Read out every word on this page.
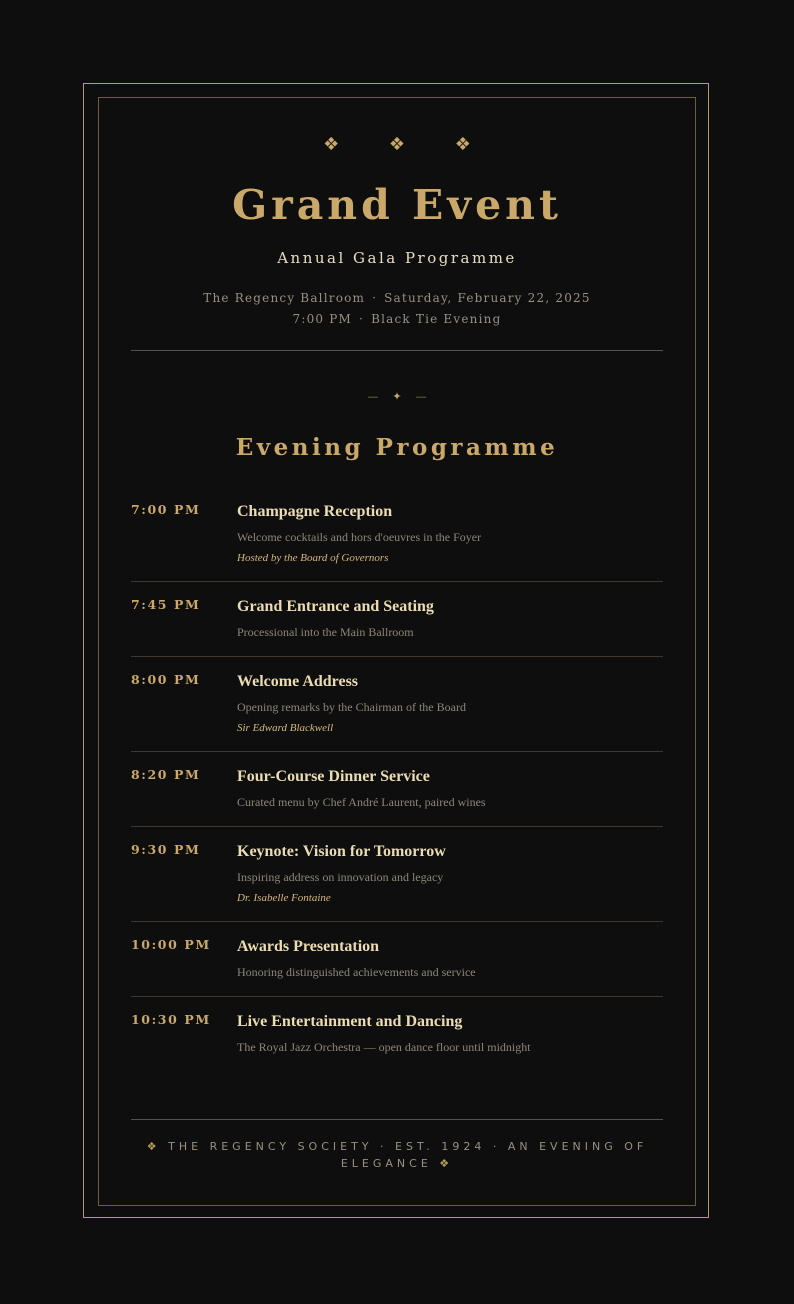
❖ ❖ ❖
Grand Event
Annual Gala Programme
The Regency Ballroom · Saturday, February 22, 2025
7:00 PM · Black Tie Evening
— ✦ —
Evening Programme
7:00 PM Champagne Reception
Welcome cocktails and hors d'oeuvres in the Foyer
Hosted by the Board of Governors
7:45 PM Grand Entrance and Seating
Processional into the Main Ballroom
8:00 PM Welcome Address
Opening remarks by the Chairman of the Board
Sir Edward Blackwell
8:20 PM Four-Course Dinner Service
Curated menu by Chef André Laurent, paired wines
9:30 PM Keynote: Vision for Tomorrow
Inspiring address on innovation and legacy
Dr. Isabelle Fontaine
10:00 PM Awards Presentation
Honoring distinguished achievements and service
10:30 PM Live Entertainment and Dancing
The Royal Jazz Orchestra — open dance floor until midnight
❖ THE REGENCY SOCIETY · EST. 1924 · AN EVENING OF ELEGANCE ❖
